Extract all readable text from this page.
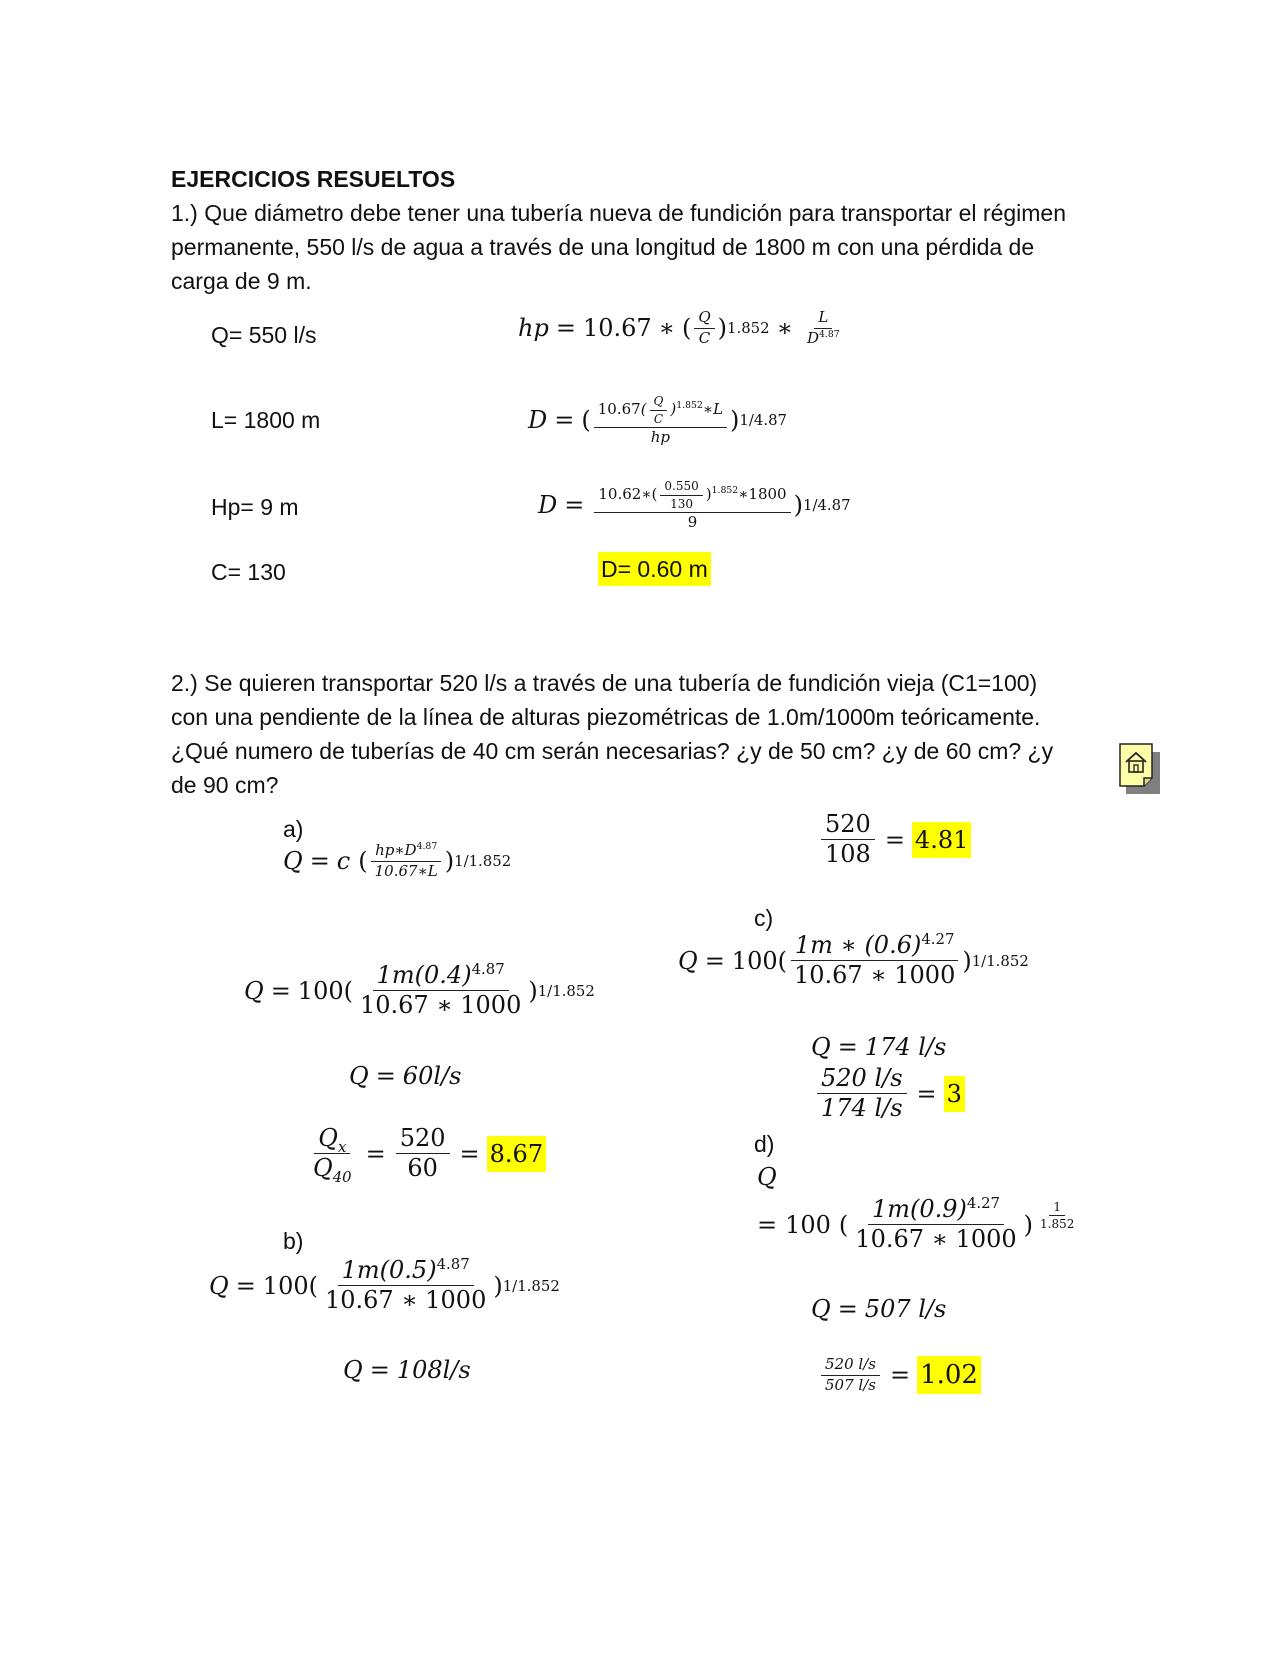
EJERCICIOS RESUELTOS
1.) Que diámetro debe tener una tubería nueva de fundición para transportar el régimen permanente, 550 l/s de agua a través de una longitud de 1800 m con una pérdida de carga de 9 m.
Q= 550 l/s
L= 1800 m
Hp= 9 m
C= 130
hp = 10.67 ∗ ( $\frac{Q}{C}$ ) 1.852 ∗ $\frac{L}{D^{4.87}}$
D = ( $\frac{10.67( \frac{Q}{C} )^{1.852}∗L}{hp}$ ) 1/4.87
$D = \frac{10.62∗( \frac{0.550}{130} )^{1.852}∗1800}{9}$ ) 1/4.87
D= 0.60 m
2.) Se quieren transportar 520 l/s a través de una tubería de fundición vieja (C1=100) con una pendiente de la línea de alturas piezométricas de 1.0m/1000m teóricamente. ¿Qué numero de tuberías de 40 cm serán necesarias? ¿y de 50 cm? ¿y de 60 cm? ¿y de 90 cm?
a)
Q = c ( $\frac{hp∗D^{4.87}}{10.67∗L}$ ) 1/1.852
Q = 100 ( $\frac{1m(0.4)^{4.87}}{10.67 ∗ 1000}$ ) 1/1.852
Q = 60l/s
$\frac{Q_x}{Q_{40}} = \frac{520}{60} = 8.67$
b)
Q = 100 ( $\frac{1m(0.5)^{4.87}}{10.67 ∗ 1000}$ ) 1/1.852
Q = 108l/s
$\frac{520}{108} = 4.81$
c)
Q = 100 ( $\frac{1m ∗ (0.6)^{4.27}}{10.67 ∗ 1000}$ ) 1/1.852
Q = 174 l/s
$\frac{520 l/s}{174 l/s} = 3$
d)
Q
= 100 ( $\frac{1m(0.9)^{4.27}}{10.67 ∗ 1000}$ ) $\frac{1}{1.852}$
Q = 507 l/s
$\frac{520 l/s}{507 l/s} = 1.02$
